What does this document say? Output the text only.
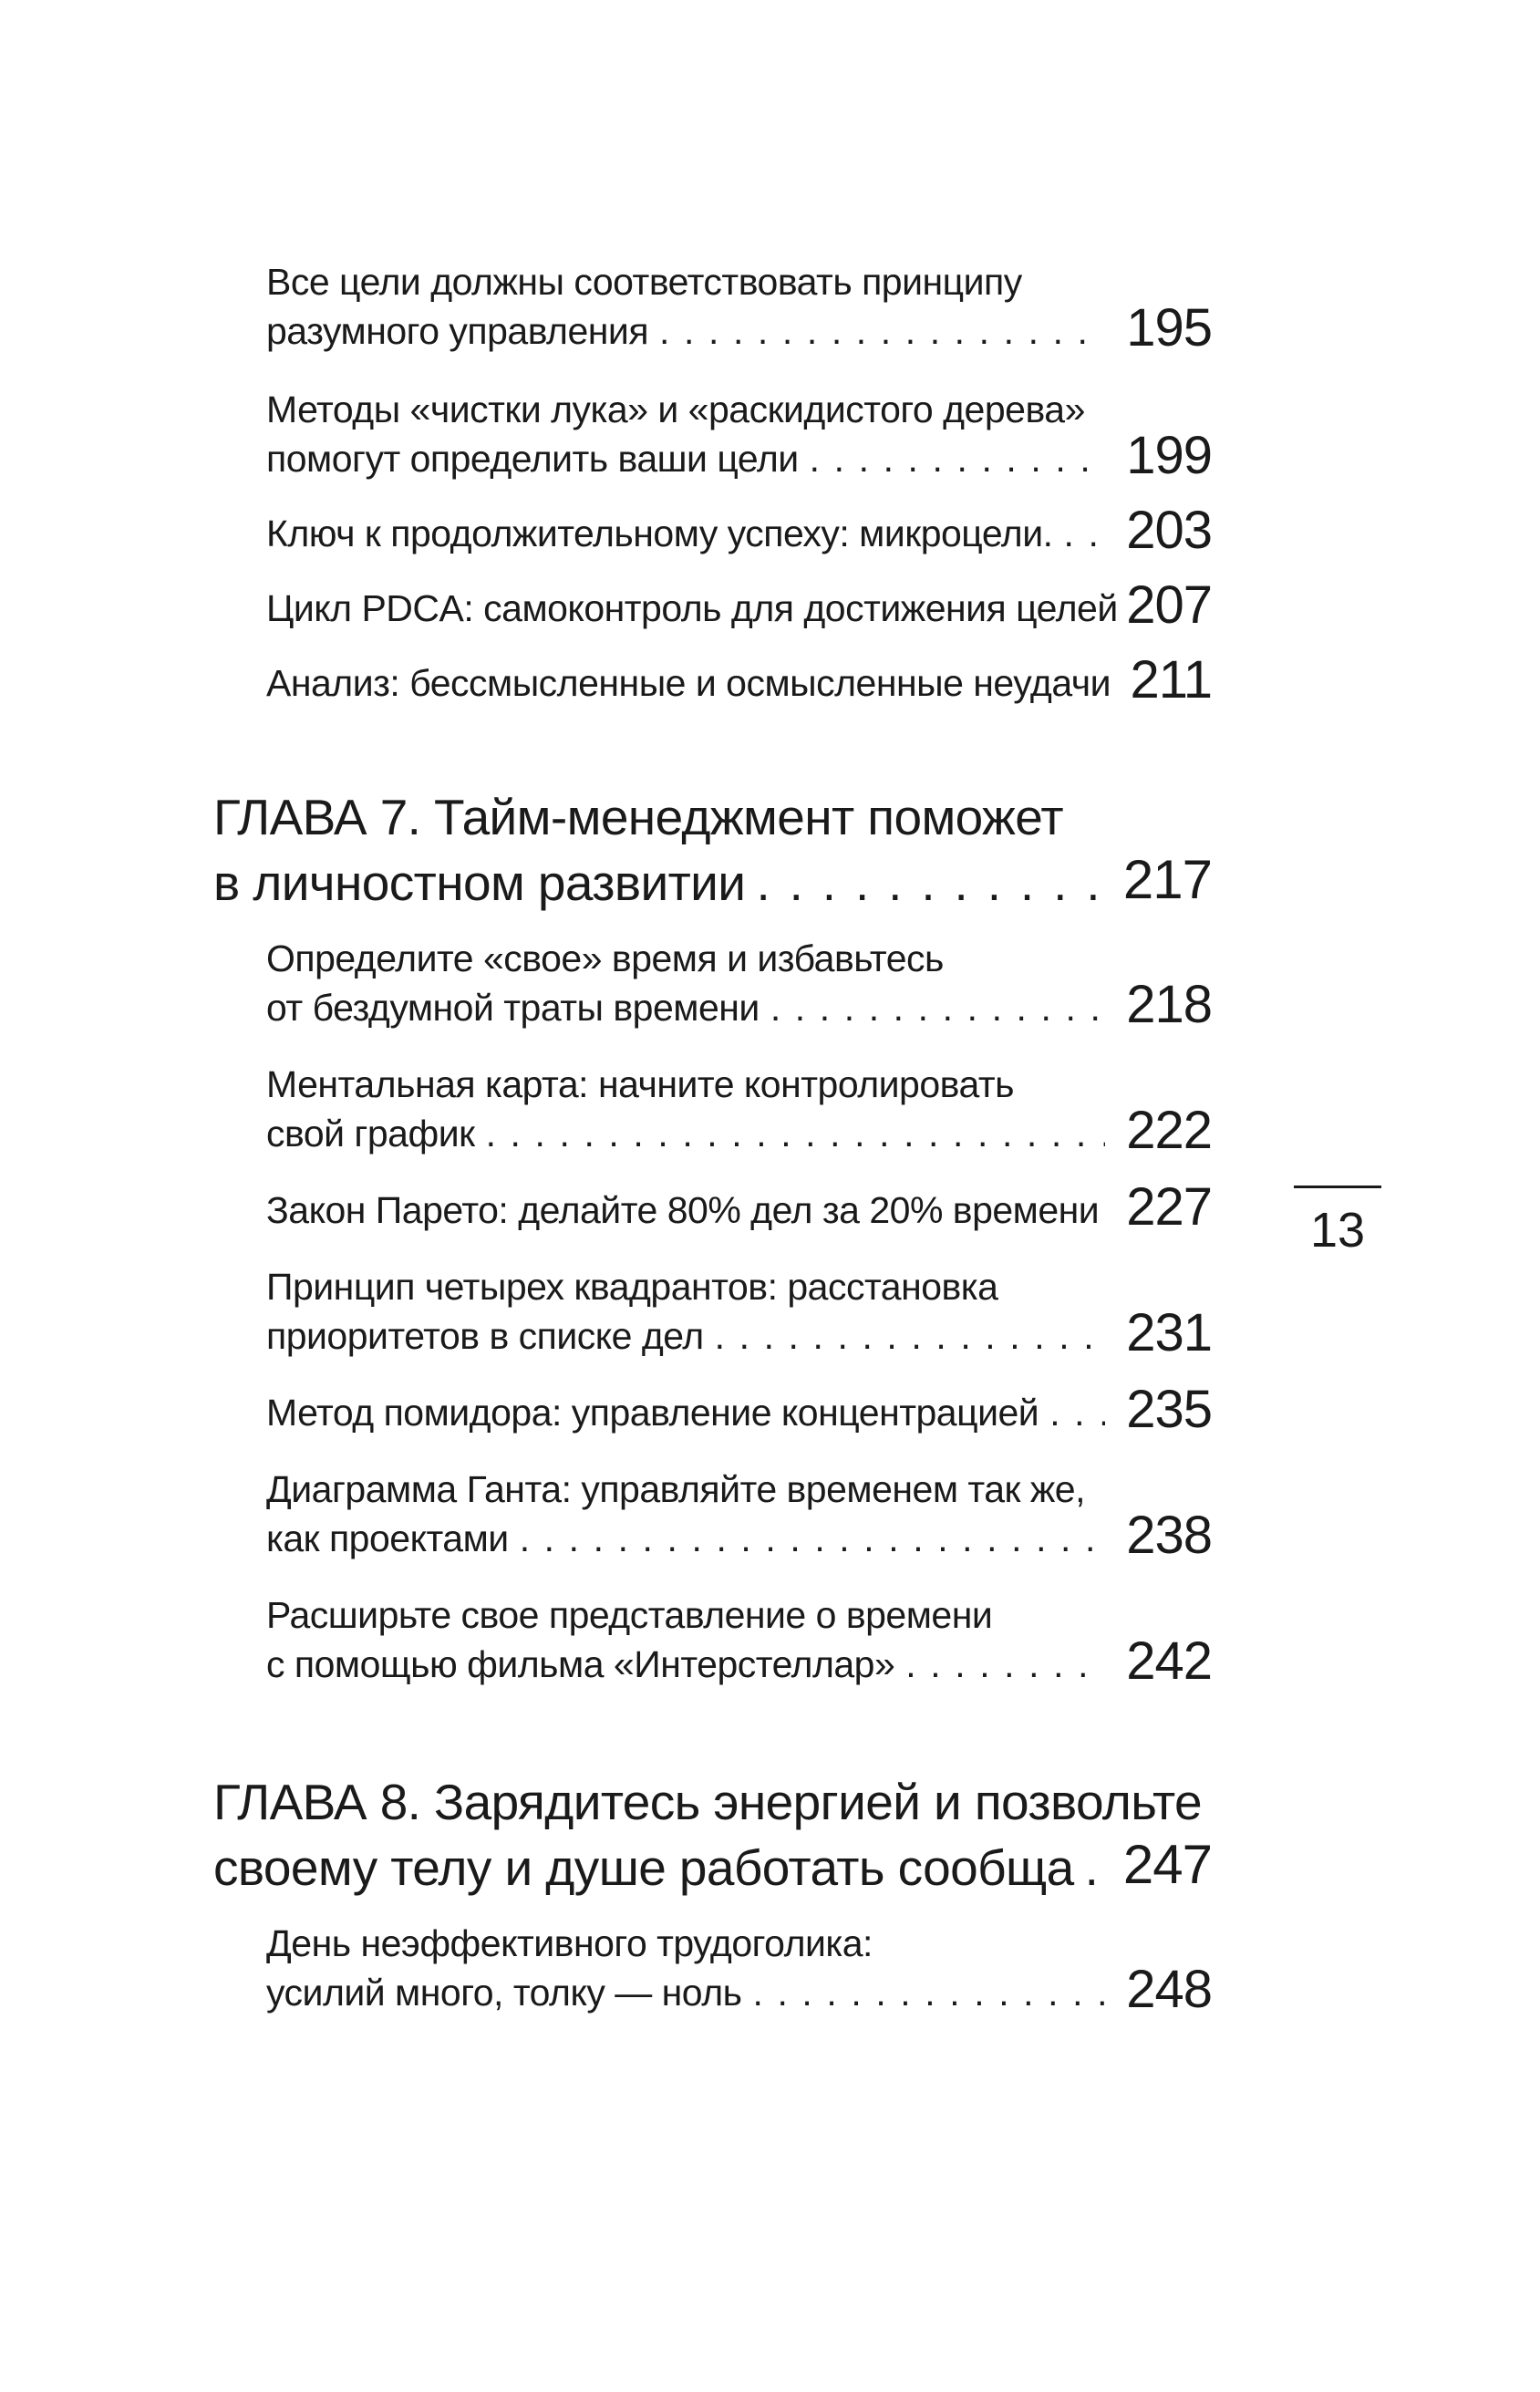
Все цели должны соответствовать принципу
разумного управления .....	195
Методы «чистки лука» и «раскидистого дерева»
помогут определить ваши цели .....	199
Ключ к продолжительному успеху: микроцели. ..... 203
Цикл PDCA: самоконтроль для достижения целей ..... 207
Анализ: бессмысленные и осмысленные неудачи ..... 211
ГЛАВА 7. Тайм-менеджмент поможет
в личностном развитии .....	217
Определите «свое» время и избавьтесь
от бездумной траты времени .....	218
Ментальная карта: начните контролировать
свой график .....	222
Закон Парето: делайте 80% дел за 20% времени ..... 227
Принцип четырех квадрантов: расстановка
приоритетов в списке дел .....	231
Метод помидора: управление концентрацией ..... 235
Диаграмма Ганта: управляйте временем так же,
как проектами .....	238
Расширьте свое представление о времени
с помощью фильма «Интерстеллар» .....	242
ГЛАВА 8. Зарядитесь энергией и позвольте
своему телу и душе работать сообща ..... 247
День неэффективного трудоголика:
усилий много, толку — ноль .....	248
13
